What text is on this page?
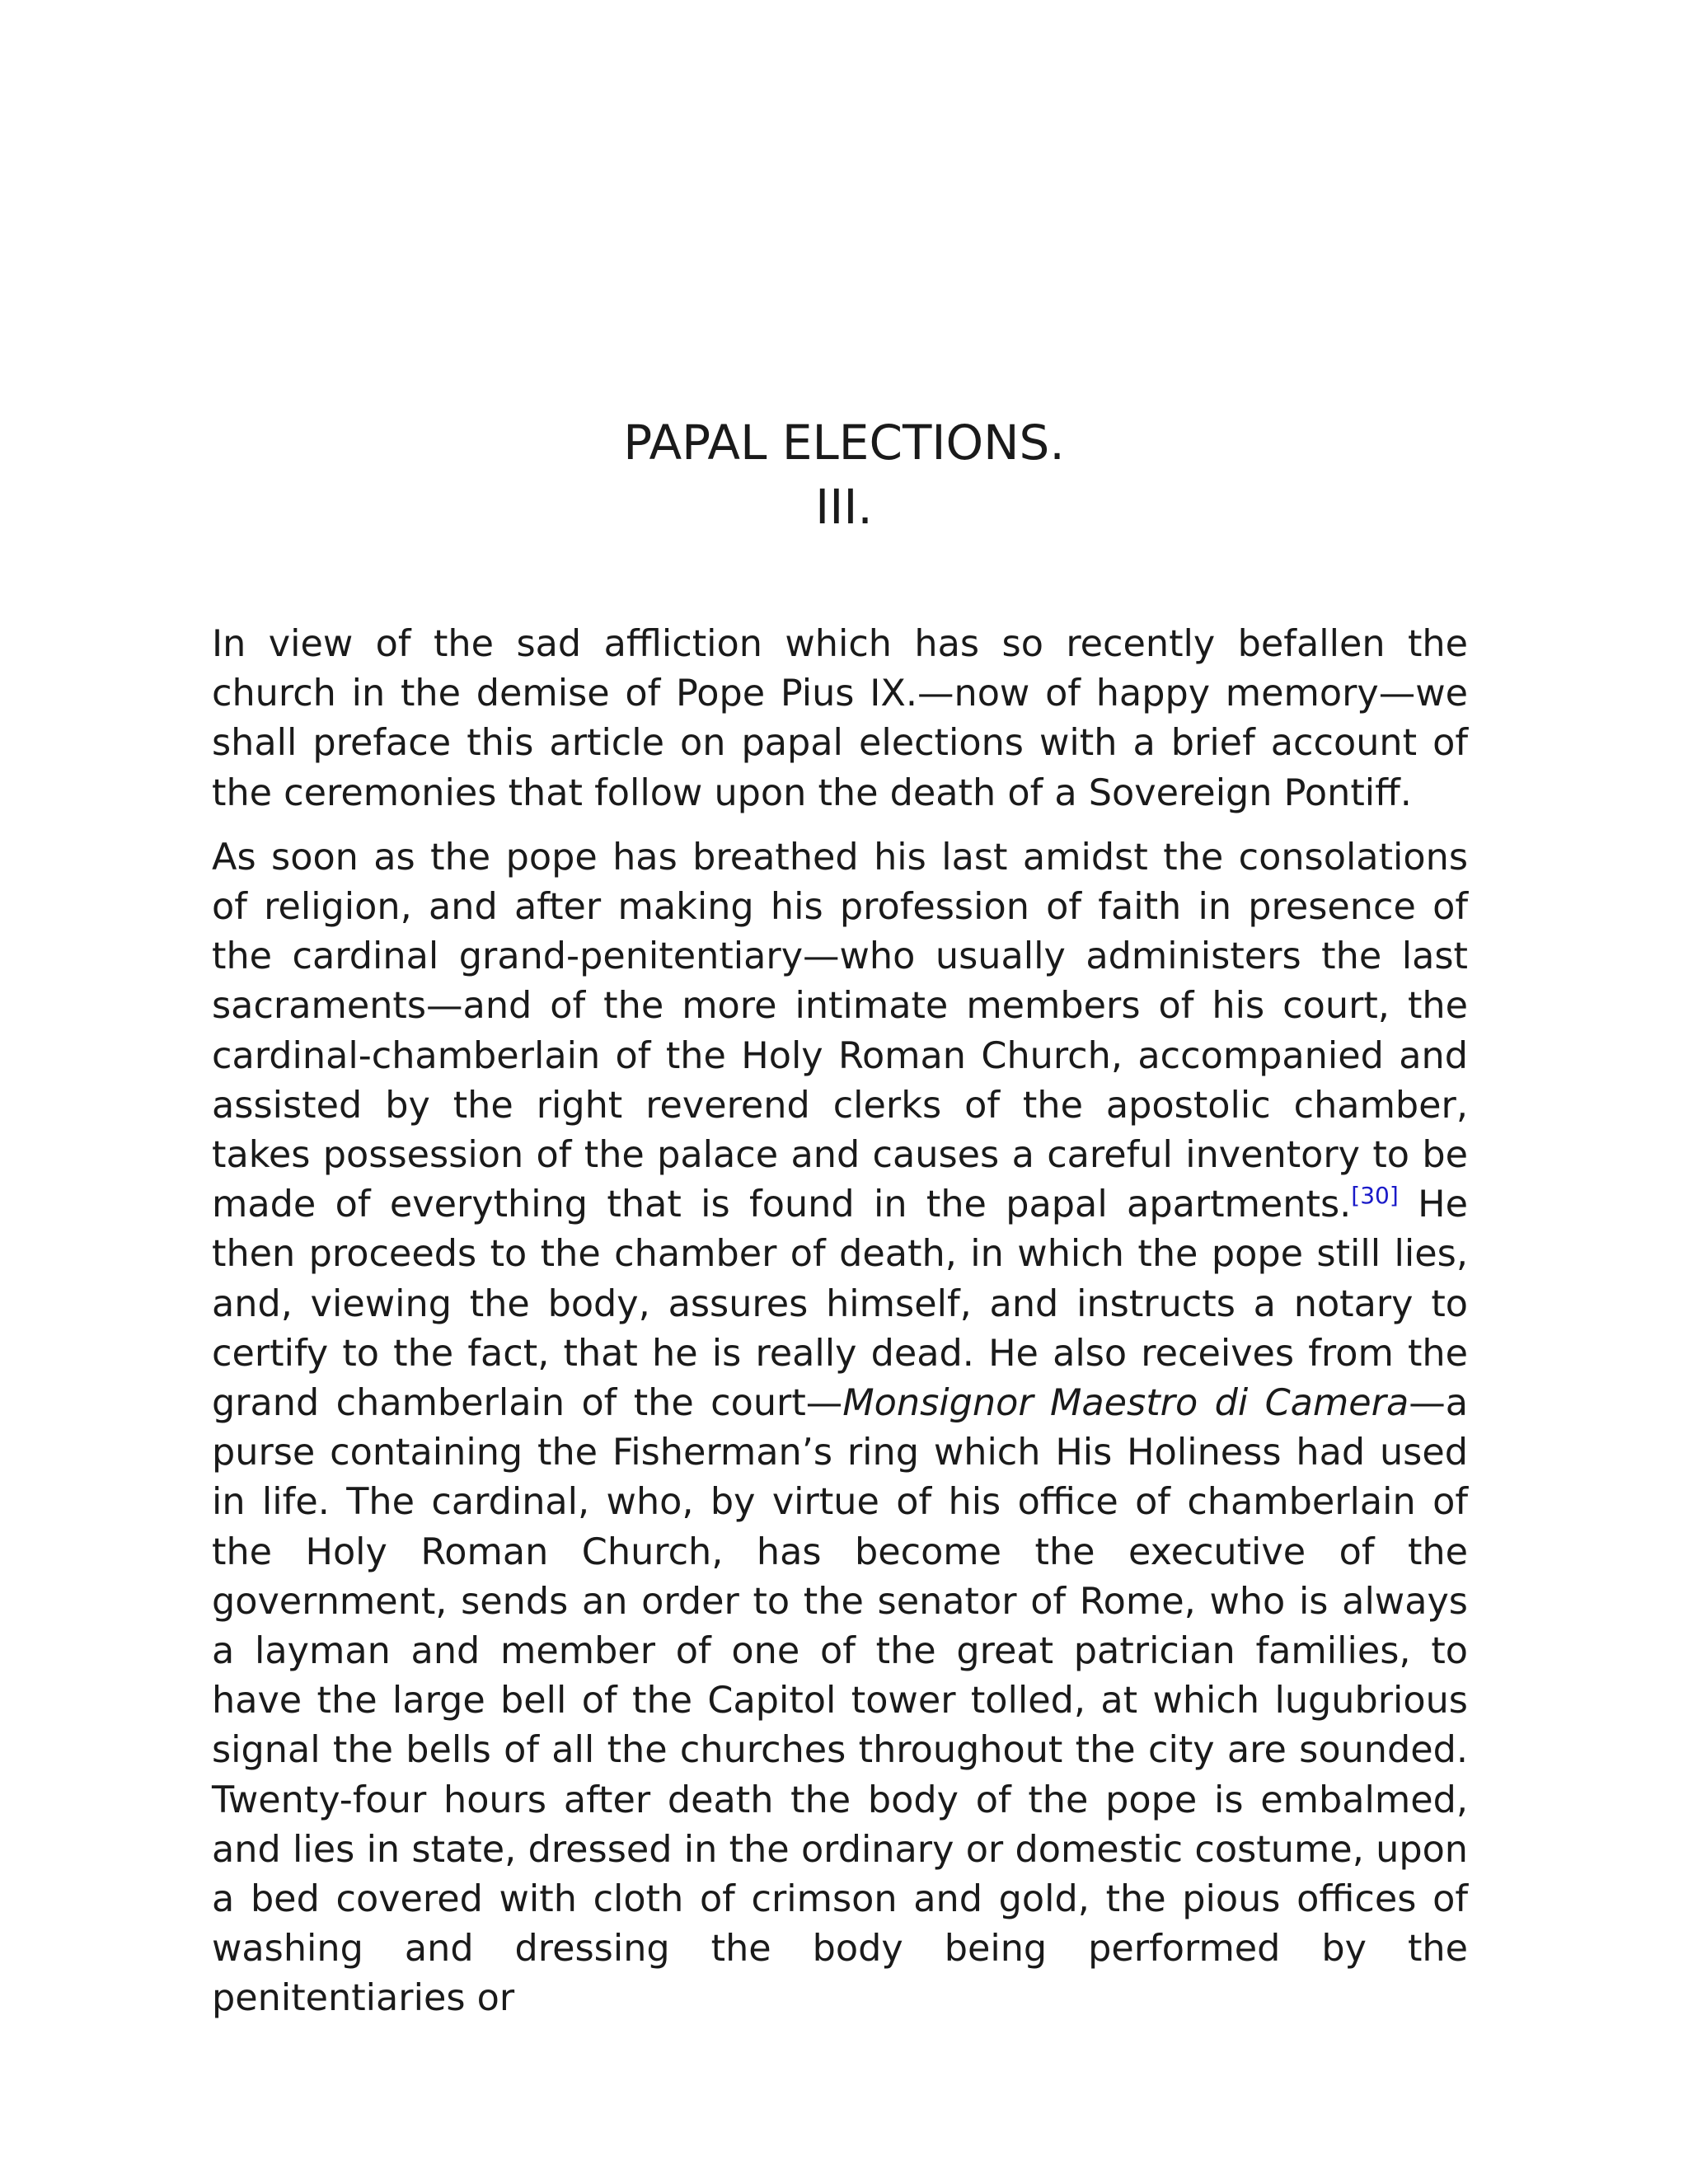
PAPAL ELECTIONS.
III.

In view of the sad affliction which has so recently befallen the church in the demise of Pope Pius IX.—now of happy memory—we shall preface this article on papal elections with a brief account of the ceremonies that follow upon the death of a Sovereign Pontiff.

As soon as the pope has breathed his last amidst the consolations of religion, and after making his profession of faith in presence of the cardinal grand-penitentiary—who usually administers the last sacraments—and of the more intimate members of his court, the cardinal-chamberlain of the Holy Roman Church, accompanied and assisted by the right reverend clerks of the apostolic chamber, takes possession of the palace and causes a careful inventory to be made of everything that is found in the papal apartments.[30] He then proceeds to the chamber of death, in which the pope still lies, and, viewing the body, assures himself, and instructs a notary to certify to the fact, that he is really dead. He also receives from the grand chamberlain of the court—Monsignor Maestro di Camera—a purse containing the Fisherman’s ring which His Holiness had used in life. The cardinal, who, by virtue of his office of chamberlain of the Holy Roman Church, has become the executive of the government, sends an order to the senator of Rome, who is always a layman and member of one of the great patrician families, to have the large bell of the Capitol tower tolled, at which lugubrious signal the bells of all the churches throughout the city are sounded. Twenty-four hours after death the body of the pope is embalmed, and lies in state, dressed in the ordinary or domestic costume, upon a bed covered with cloth of crimson and gold, the pious offices of washing and dressing the body being performed by the penitentiaries or
